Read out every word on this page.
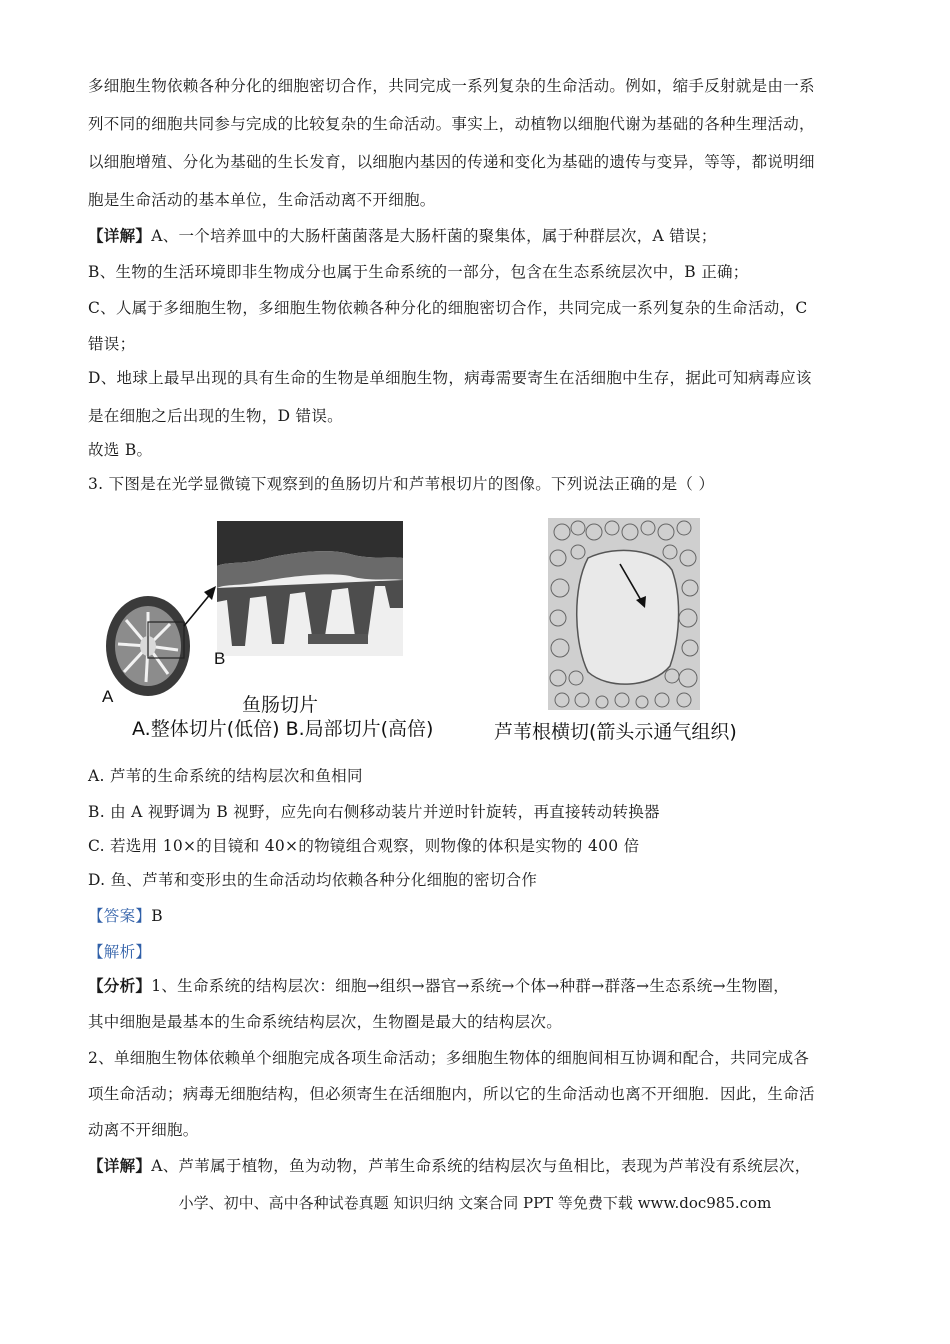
多细胞生物依赖各种分化的细胞密切合作，共同完成一系列复杂的生命活动。例如，缩手反射就是由一系
列不同的细胞共同参与完成的比较复杂的生命活动。事实上，动植物以细胞代谢为基础的各种生理活动，
以细胞增殖、分化为基础的生长发育，以细胞内基因的传递和变化为基础的遗传与变异，等等，都说明细
胞是生命活动的基本单位，生命活动离不开细胞。
【详解】A、一个培养皿中的大肠杆菌菌落是大肠杆菌的聚集体，属于种群层次，A 错误；
B、生物的生活环境即非生物成分也属于生命系统的一部分，包含在生态系统层次中，B 正确；
C、人属于多细胞生物，多细胞生物依赖各种分化的细胞密切合作，共同完成一系列复杂的生命活动，C
错误；
D、地球上最早出现的具有生命的生物是单细胞生物，病毒需要寄生在活细胞中生存，据此可知病毒应该
是在细胞之后出现的生物，D 错误。
故选 B。
3. 下图是在光学显微镜下观察到的鱼肠切片和芦苇根切片的图像。下列说法正确的是（ ）
A
B
鱼肠切片
A.整体切片(低倍) B.局部切片(高倍)	芦苇根横切(箭头示通气组织)
A. 芦苇的生命系统的结构层次和鱼相同
B. 由 A 视野调为 B 视野，应先向右侧移动装片并逆时针旋转，再直接转动转换器
C. 若选用 10×的目镜和 40×的物镜组合观察，则物像的体积是实物的 400 倍
D. 鱼、芦苇和变形虫的生命活动均依赖各种分化细胞的密切合作
【答案】B
【解析】
【分析】1、生命系统的结构层次：细胞→组织→器官→系统→个体→种群→群落→生态系统→生物圈，
其中细胞是最基本的生命系统结构层次，生物圈是最大的结构层次。
2、单细胞生物体依赖单个细胞完成各项生命活动；多细胞生物体的细胞间相互协调和配合，共同完成各
项生命活动；病毒无细胞结构，但必须寄生在活细胞内，所以它的生命活动也离不开细胞．因此，生命活
动离不开细胞。
【详解】A、芦苇属于植物，鱼为动物，芦苇生命系统的结构层次与鱼相比，表现为芦苇没有系统层次，
小学、初中、高中各种试卷真题 知识归纳 文案合同 PPT 等免费下载 www.doc985.com
